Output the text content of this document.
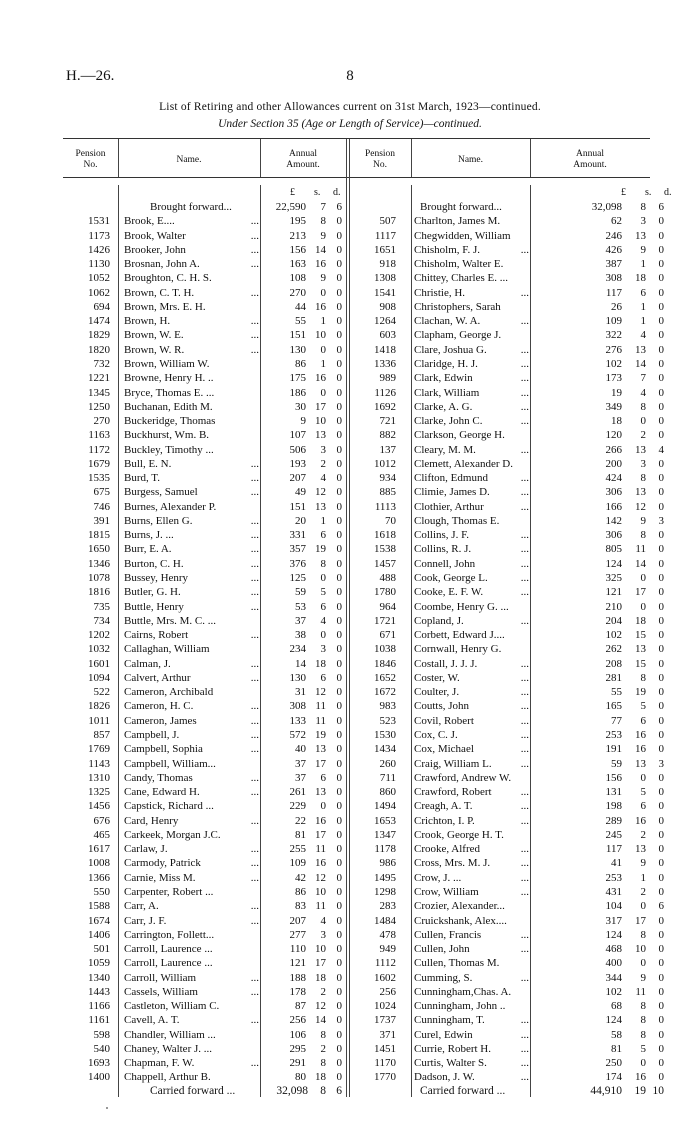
H.—26.	8
List of Retiring and other Allowances current on 31st March, 1923—continued.
Under Section 35 (Age or Length of Service)—continued.
Pension
No.	Name.
Annual
Amount.
Pension
No.	Name.
Annual
Amount.
£ s. d.	£ s. d.
Brought forward...	22,590	7 6
1531 Brook, E....	...	195	8 0
1173 Brook, Walter	...	213	9 0
1426 Brooker, John	...	156 14 0
1130 Brosnan, John A.	...	163 16 0
1052 Broughton, C. H. S.	108	9 0
1062 Brown, C. T. H.	...	270	0 0
694 Brown, Mrs. E. H.	44 16 0
1474 Brown, H.	...	55	1 0
1829 Brown, W. E.	...	151 10 0
1820 Brown, W. R.	...	130	0 0
732 Brown, William W.	86	1 0
1221 Browne, Henry H. ..	175 16 0
1345 Bryce, Thomas E. ...	186	0 0
1250 Buchanan, Edith M.	30 17 0
270 Buckeridge, Thomas	9 10 0
1163 Buckhurst, Wm. B.	107 13 0
1172 Buckley, Timothy ...	506	3 0
1679 Bull, E. N.	...	193	2 0
1535 Burd, T.	...	207	4 0
675 Burgess, Samuel	...	49 12 0
746 Burnes, Alexander P.	151 13 0
391 Burns, Ellen G.	...	20	1 0
1815 Burns, J. ...	...	331	6 0
1650 Burr, E. A.	...	357 19 0
1346 Burton, C. H.	...	376	8 0
1078 Bussey, Henry	...	125	0 0
1816 Butler, G. H.	...	59	5 0
735 Buttle, Henry	...	53	6 0
734 Buttle, Mrs. M. C. ...	37	4 0
1202 Cairns, Robert	...	38	0 0
1032 Callaghan, William	234	3 0
1601 Calman, J.	...	14 18 0
1094 Calvert, Arthur	...	130	6 0
522 Cameron, Archibald	31 12 0
1826 Cameron, H. C.	...	308 11 0
1011 Cameron, James	...	133 11 0
857 Campbell, J.	...	572 19 0
1769 Campbell, Sophia	...	40 13 0
1143 Campbell, William...	37 17 0
1310 Candy, Thomas	...	37	6 0
1325 Cane, Edward H.	...	261 13 0
1456 Capstick, Richard ...	229	0 0
676 Card, Henry	...	22 16 0
465 Carkeek, Morgan J.C.	81 17 0
1617 Carlaw, J.	...	255 11 0
1008 Carmody, Patrick	...	109 16 0
1366 Carnie, Miss M.	...	42 12 0
550 Carpenter, Robert ...	86 10 0
1588 Carr, A.	...	83 11 0
1674 Carr, J. F.	...	207	4 0
1406 Carrington, Follett...	277	3 0
501 Carroll, Laurence ...	110 10 0
1059 Carroll, Laurence ...	121 17 0
1340 Carroll, William	...	188 18 0
1443 Cassels, William	...	178	2 0
1166 Castleton, William C.	87 12 0
1161 Cavell, A. T.	...	256 14 0
598 Chandler, William ...	106	8 0
540 Chaney, Walter J. ...	295	2 0
1693 Chapman, F. W.	...	291	8 0
1400 Chappell, Arthur B.	80 18 0
Brought forward...	32,098	8	6
507 Charlton, James M.	62	3	0
1117 Chegwidden, William	246	13	0
1651 Chisholm, F. J.	...	426	9	0
918 Chisholm, Walter E.	387	1	0
1308 Chittey, Charles E. ...	308	18	0
1541 Christie, H.	...	117	6	0
908 Christophers, Sarah	26	1	0
1264 Clachan, W. A.	...	109	1	0
603 Clapham, George J.	322	4	0
1418 Clare, Joshua G.	...	276	13	0
1336 Claridge, H. J.	...	102	14	0
989 Clark, Edwin	...	173	7	0
1126 Clark, William	...	19	4	0
1692 Clarke, A. G.	...	349	8	0
721 Clarke, John C.	...	18	0	0
882 Clarkson, George H.	120	2	0
137 Cleary, M. M.	...	266	13	4
1012 Clemett, Alexander D.	200	3	0
934 Clifton, Edmund	...	424	8	0
885 Climie, James D.	...	306	13	0
1113 Clothier, Arthur	...	166	12	0
70 Clough, Thomas E.	142	9	3
1618 Collins, J. F.	...	306	8	0
1538 Collins, R. J.	...	805	11	0
1457 Connell, John	...	124	14	0
488 Cook, George L.	...	325	0	0
1780 Cooke, E. F. W.	...	121	17	0
964 Coombe, Henry G. ...	210	0	0
1721 Copland, J.	...	204	18	0
671 Corbett, Edward J....	102	15	0
1038 Cornwall, Henry G.	262	13	0
1846 Costall, J. J. J.	...	208	15	0
1652 Coster, W.	...	281	8	0
1672 Coulter, J.	...	55	19	0
983 Coutts, John	...	165	5	0
523 Covil, Robert	...	77	6	0
1530 Cox, C. J.	...	253	16	0
1434 Cox, Michael	...	191	16	0
260 Craig, William L.	...	59	13	3
711 Crawford, Andrew W.	156	0	0
860 Crawford, Robert	...	131	5	0
1494 Creagh, A. T.	...	198	6	0
1653 Crichton, I. P.	...	289	16	0
1347 Crook, George H. T.	245	2	0
1178 Crooke, Alfred	...	117	13	0
986 Cross, Mrs. M. J.	...	41	9	0
1495 Crow, J. ...	...	253	1	0
1298 Crow, William	...	431	2	0
283 Crozier, Alexander...	104	0	6
1484 Cruickshank, Alex....	317	17	0
478 Cullen, Francis	...	124	8	0
949 Cullen, John	...	468	10	0
1112 Cullen, Thomas M.	400	0	0
1602 Cumming, S.	...	344	9	0
256 Cunningham,Chas. A.	102	11	0
1024 Cunningham, John ..	68	8	0
1737 Cunningham, T.	...	124	8	0
371 Curel, Edwin	...	58	8	0
1451 Currie, Robert H.	...	81	5	0
1170 Curtis, Walter S.	...	250	0	0
1770 Dadson, J. W.	...	174	16	0
Carried forward ...	32,098	8 6	Carried forward ...	44,910	19 10
